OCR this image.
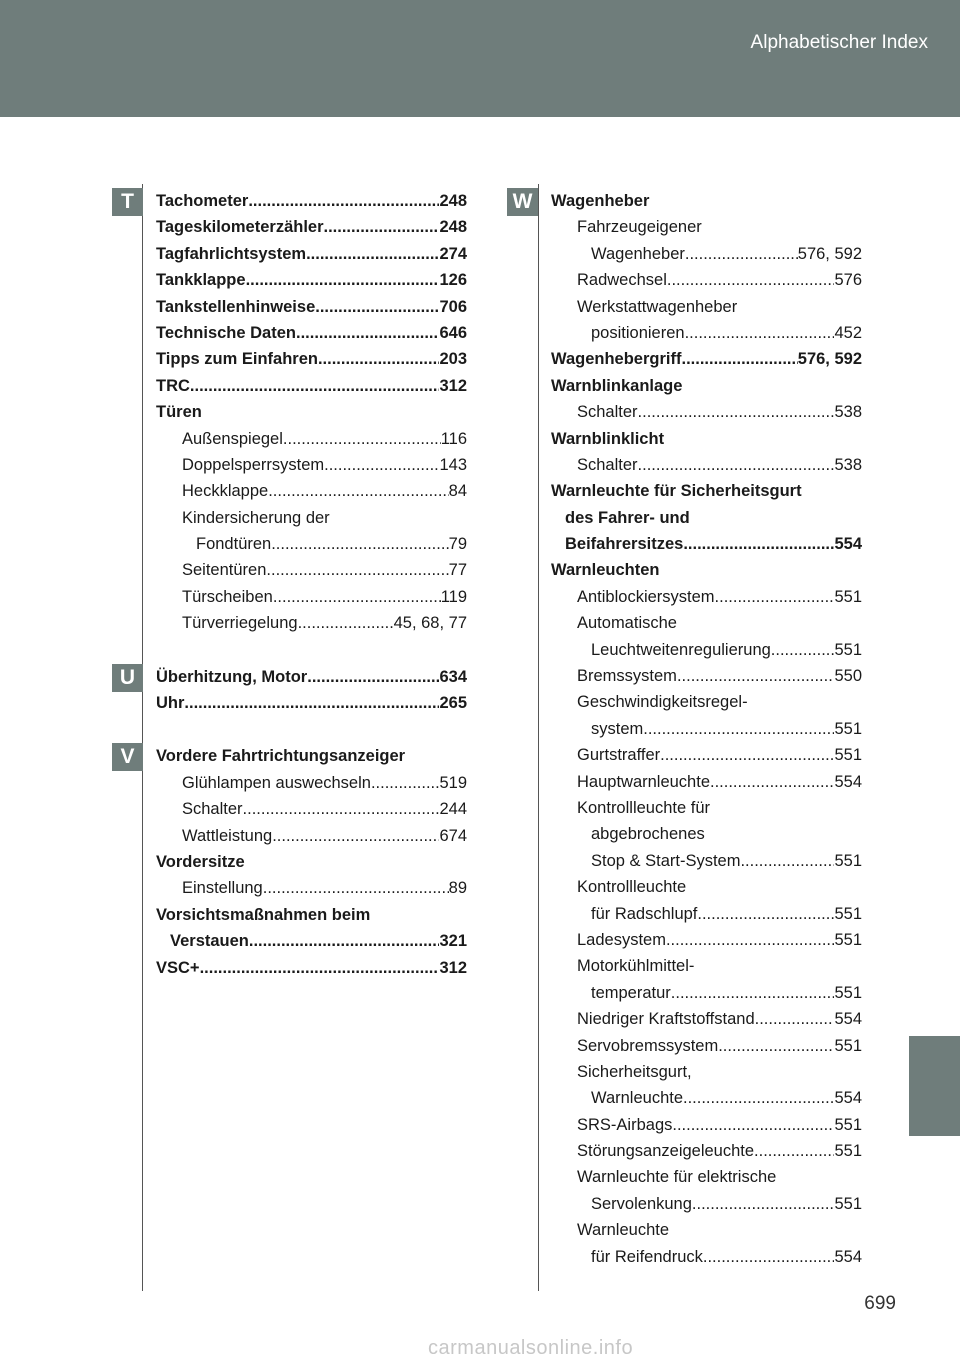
Alphabetischer Index
T	Tachometer .....	248
Tageskilometerzähler .....	248
Tagfahrlichtsystem .....	274
Tankklappe .....	126
Tankstellenhinweise .....	706
Technische Daten .....	646
Tipps zum Einfahren .....	203
TRC .....	312
Türen
Außenspiegel .....	116
Doppelsperrsystem .....	143
Heckklappe .....	84
Kindersicherung der
Fondtüren .....	79
Seitentüren .....	77
Türscheiben .....	119
Türverriegelung .....	45, 68, 77
U	Überhitzung, Motor .....	634
Uhr .....	265
V	Vordere Fahrtrichtungsanzeiger
Glühlampen auswechseln .....	519
Schalter .....	244
Wattleistung .....	674
Vordersitze
Einstellung .....	89
Vorsichtsmaßnahmen beim
Verstauen .....	321
VSC+ .....	312
W	Wagenheber
Fahrzeugeigener
Wagenheber .....	576, 592
Radwechsel .....	576
Werkstattwagenheber
positionieren .....	452
Wagenhebergriff .....	576, 592
Warnblinkanlage
Schalter .....	538
Warnblinklicht
Schalter .....	538
Warnleuchte für Sicherheitsgurt
des Fahrer- und
Beifahrersitzes .....	554
Warnleuchten
Antiblockiersystem .....	551
Automatische
Leuchtweitenregulierung .....	551
Bremssystem .....	550
Geschwindigkeitsregel-
system .....	551
Gurtstraffer .....	551
Hauptwarnleuchte .....	554
Kontrollleuchte für
abgebrochenes
Stop & Start-System .....	551
Kontrollleuchte
für Radschlupf .....	551
Ladesystem .....	551
Motorkühlmittel-
temperatur .....	551
Niedriger Kraftstoffstand .....	554
Servobremssystem .....	551
Sicherheitsgurt,
Warnleuchte .....	554
SRS-Airbags .....	551
Störungsanzeigeleuchte .....	551
Warnleuchte für elektrische
Servolenkung .....	551
Warnleuchte
für Reifendruck .....	554
699
carmanualsonline.info
